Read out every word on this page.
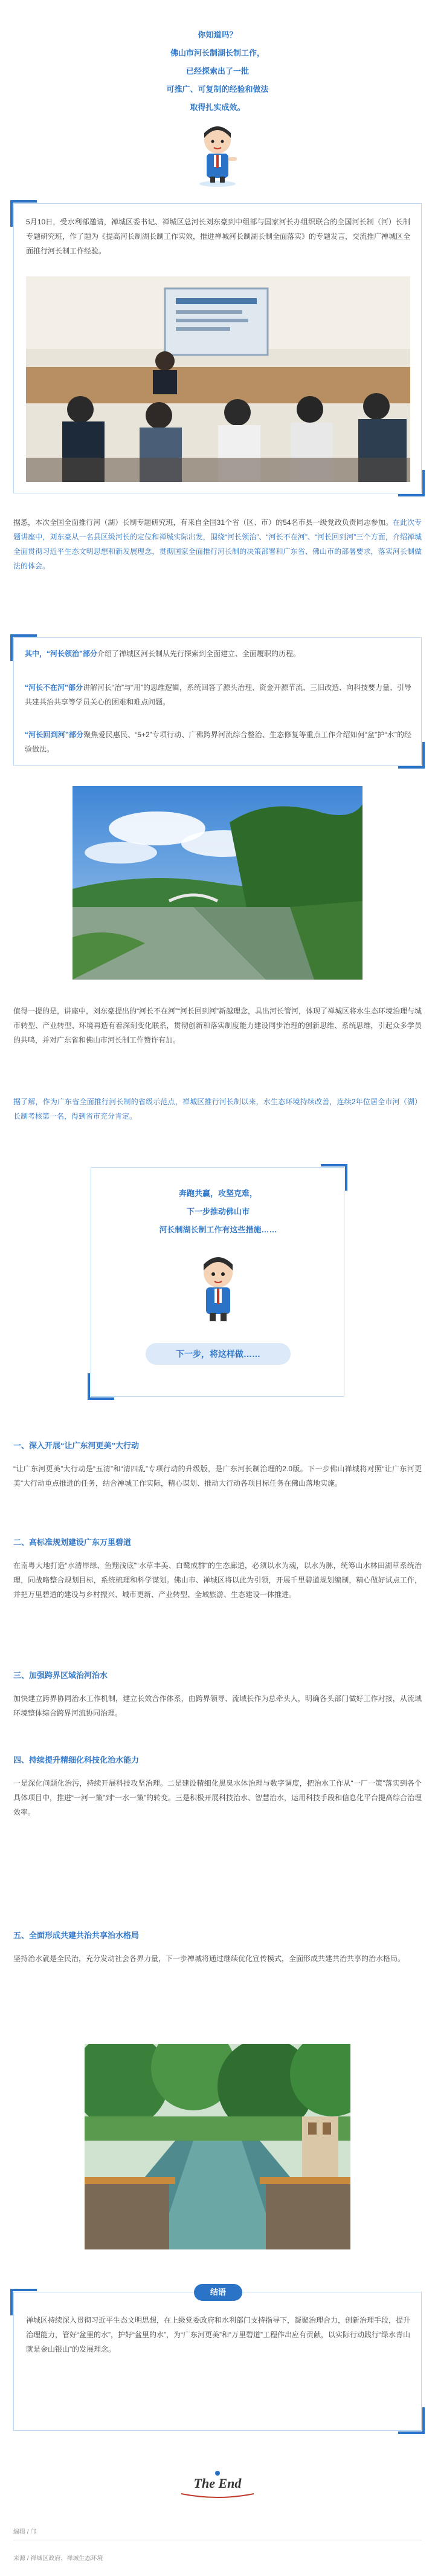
你知道吗？
佛山市河长制湖长制工作，
已经探索出了一批
可推广、可复制的经验和做法
取得扎实成效。

5月10日，受水利部邀请，禅城区委书记、禅城区总河长刘东豪到中组部与国家河长办组织联合的全国河长制（河）长制专题研究班，作了题为《提高河长制湖长制工作实效，推进禅城河长制湖长制全面落实》的专题发言，交流推广禅城区全面推行河长制工作经验。

据悉，本次全国全面推行河（湖）长制专题研究班，有来自全国31个省（区、市）的54名市县一级党政负责同志参加。在此次专题讲座中，刘东豪从一名县区级河长的定位和禅城实际出发，围绕“河长领治”、“河长不在河”、“河长回到河”三个方面，介绍禅城全面贯彻习近平生态文明思想和新发展理念，贯彻国家全面推行河长制的决策部署和广东省、佛山市的部署要求，落实河长制做法的体会。

其中，“河长领治”部分介绍了禅城区河长制从先行探索到全面建立、全面履职的历程。

“河长不在河”部分讲解河长“治”与“用”的思维逻辑，系统回答了源头治理、资金开源节流、三旧改造、向科技要力量、引导共建共治共享等学员关心的困难和难点问题。

“河长回到河”部分聚焦爱民惠民、“5+2”专项行动、广佛跨界河流综合整治、生态修复等重点工作介绍如何“盆”护“水”的经验做法。

值得一提的是，讲座中，刘东豪提出的“河长不在河”“河长回到河”新越理念，具出河长管河，体现了禅城区将水生态环境治理与城市转型、产业转型、环境再造有着深刻变化联系，贯彻创新和落实制度能力建设同步治理的创新思维、系统思维，引起众多学员的共鸣，并对广东省和佛山市河长制工作赞许有加。

据了解，作为广东省全面推行河长制的省级示范点，禅城区推行河长制以来，水生态环境持续改善，连续2年位居全市河（湖）长制考核第一名，得到省市充分肯定。

奔跑共赢，攻坚克难，
下一步推动佛山市
河长制湖长制工作有这些措施……
下一步，将这样做……
一、深入开展“让广东河更美”大行动

“让广东河更美”大行动是“五清”和“清四乱”专项行动的升级版，是广东河长制治理的2.0版。下一步佛山禅城将对照“让广东河更美”大行动重点推进的任务，结合禅城工作实际，精心谋划、推动大行动各项目标任务在佛山落地实施。

二、高标准规划建设广东万里碧道

在南粤大地打造“水清岸绿、鱼翔浅底”“水草丰美、白鹭成群”的生态廊道，必须以水为魂，以水为脉，统筹山水林田湖草系统治理，同战略整合规划目标，系统梳理和科学谋划。佛山市、禅城区将以此为引领，开展千里碧道规划编制，精心做好试点工作，并把万里碧道的建设与乡村振兴、城市更新、产业转型、全域旅游、生态建设一体推进。

三、加强跨界区域治河治水

加快建立跨界协同治水工作机制，建立长效合作体系，由跨界领导、流域长作为总牵头人，明确各头部门做好工作对接，从流域环境整体综合跨界河流协同治理。

四、持续提升精细化科技化治水能力

一是深化问题化治污，持续开展科技攻坚治理。二是建设精细化黑臭水体治理与数字调度，把治水工作从“一厂一策”落实到各个具体项目中，推进“一河一策”到“一水一策”的转变。三是积极开展科技治水、智慧治水，运用科技手段和信息化平台提高综合治理效率。

五、全面形成共建共治共享治水格局

坚持治水就是全民治，充分发动社会各界力量，下一步禅城将通过继续优化宣传模式，全面形成共建共治共享的治水格局。

结语

禅城区持续深入贯彻习近平生态文明思想，在上级党委政府和水利部门支持指导下，凝聚治理合力，创新治理手段，提升治理能力，管好“盆里的水”，护好“盆里的水”，为“广东河更美”和“万里碧道”工程作出应有贡献，以实际行动践行“绿水青山就是金山银山”的发展理念。

The End
编辑 / 邝
来源 / 禅城区政府、禅城生态环境
